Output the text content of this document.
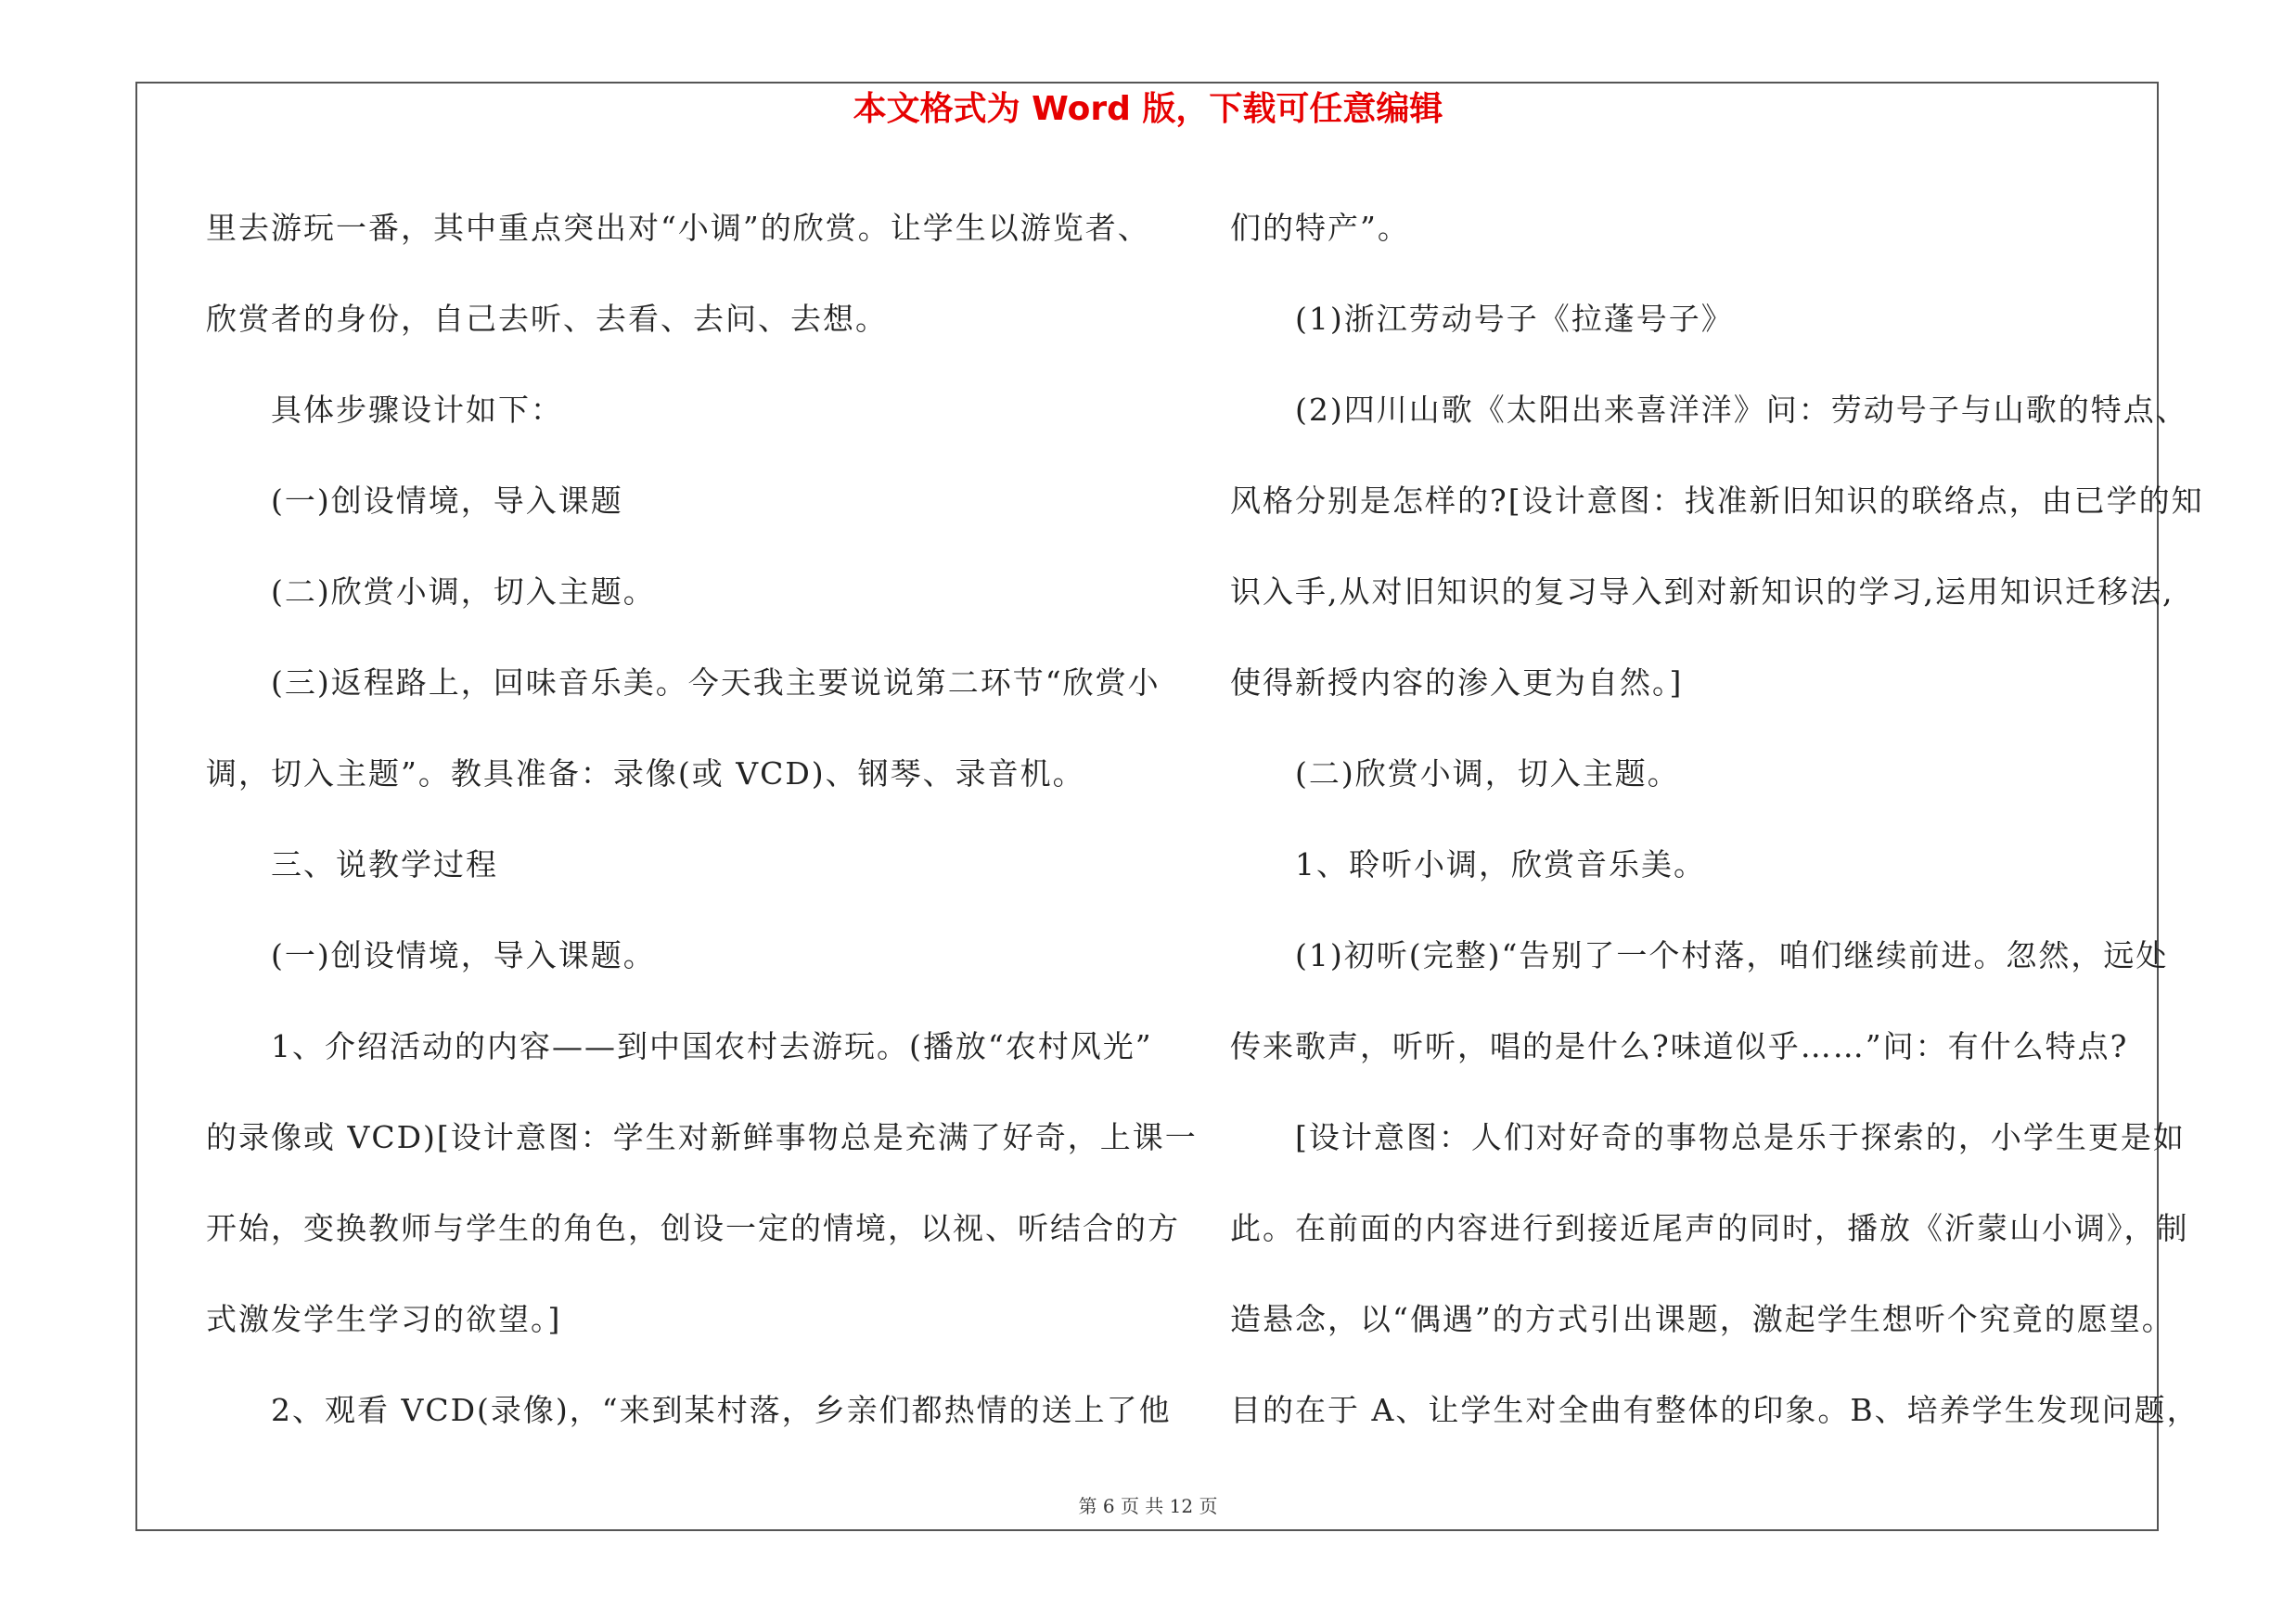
本文格式为 Word 版，下载可任意编辑
里去游玩一番，其中重点突出对“小调”的欣赏。让学生以游览者、
欣赏者的身份，自己去听、去看、去问、去想。
　　具体步骤设计如下：
　　(一)创设情境，导入课题
　　(二)欣赏小调，切入主题。
　　(三)返程路上，回味音乐美。今天我主要说说第二环节“欣赏小
调，切入主题”。教具准备：录像(或 VCD)、钢琴、录音机。
　　三、说教学过程
　　(一)创设情境，导入课题。
　　1、介绍活动的内容——到中国农村去游玩。(播放“农村风光”
的录像或 VCD)[设计意图：学生对新鲜事物总是充满了好奇，上课一
开始，变换教师与学生的角色，创设一定的情境，以视、听结合的方
式激发学生学习的欲望。]
　　2、观看 VCD(录像)，“来到某村落，乡亲们都热情的送上了他
们的特产”。
　　(1)浙江劳动号子《拉蓬号子》
　　(2)四川山歌《太阳出来喜洋洋》问：劳动号子与山歌的特点、
风格分别是怎样的?[设计意图：找准新旧知识的联络点，由已学的知
识入手,从对旧知识的复习导入到对新知识的学习,运用知识迁移法,
使得新授内容的渗入更为自然。]
　　(二)欣赏小调，切入主题。
　　1、聆听小调，欣赏音乐美。
　　(1)初听(完整)“告别了一个村落，咱们继续前进。忽然，远处
传来歌声，听听，唱的是什么?味道似乎……”问：有什么特点?
　　[设计意图：人们对好奇的事物总是乐于探索的，小学生更是如
此。在前面的内容进行到接近尾声的同时，播放《沂蒙山小调》，制
造悬念，以“偶遇”的方式引出课题，激起学生想听个究竟的愿望。
目的在于 A、让学生对全曲有整体的印象。B、培养学生发现问题，
第 6 页 共 12 页
